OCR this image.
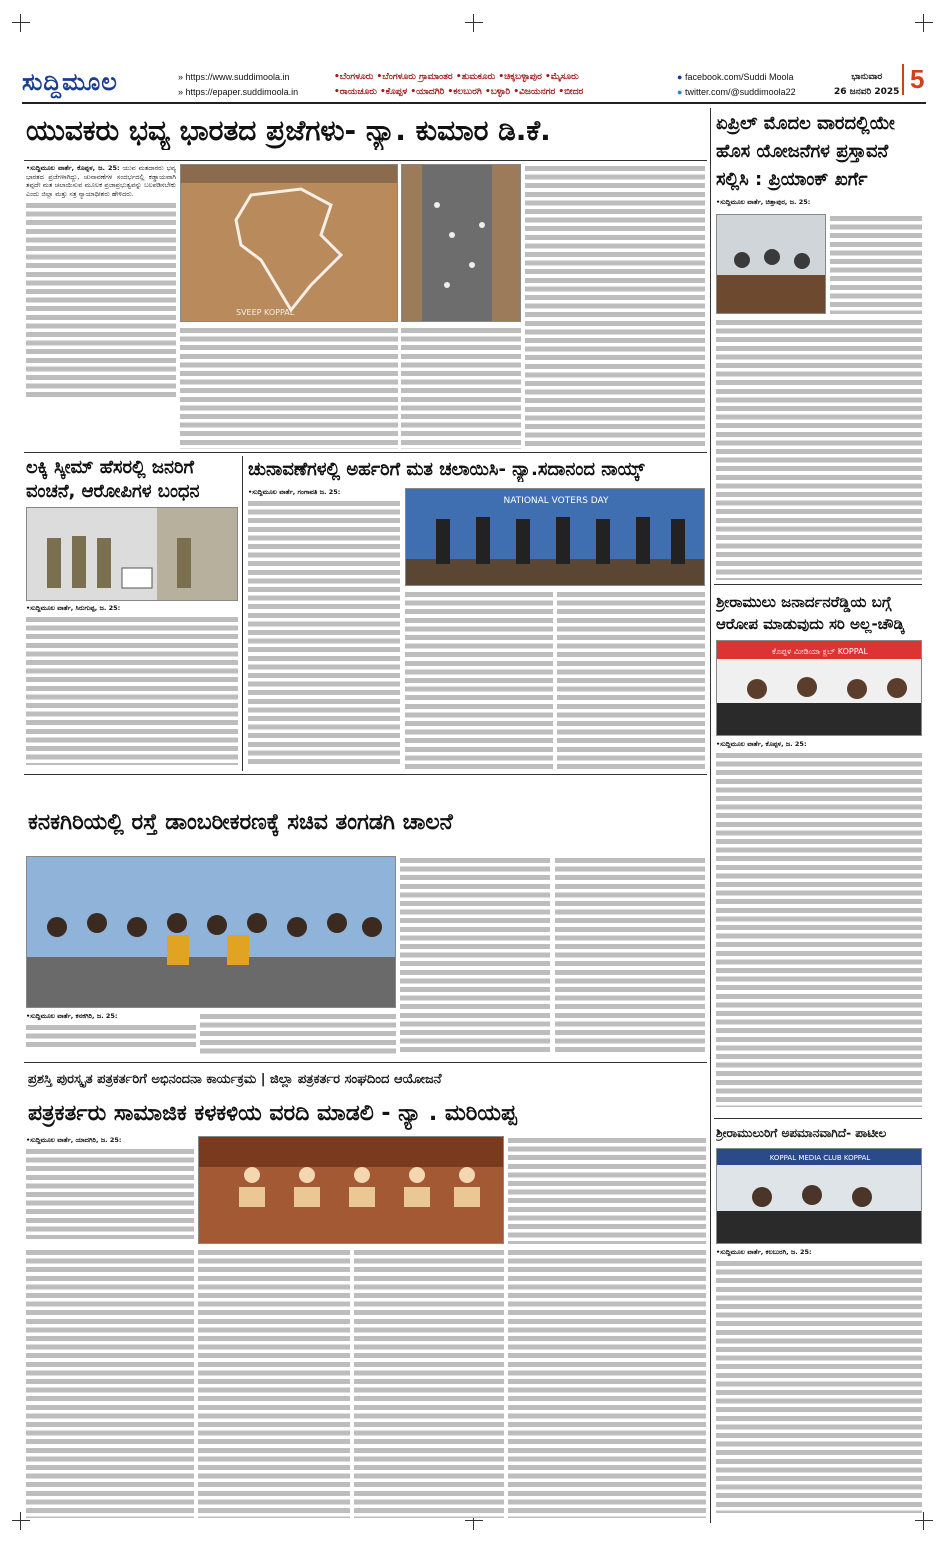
ಸುದ್ದಿಮೂಲ	» https://www.suddimoola.in
» https://epaper.suddimoola.in
•ಬೆಂಗಳೂರು •ಬೆಂಗಳೂರು ಗ್ರಾಮಾಂತರ •ತುಮಕೂರು •ಚಿಕ್ಕಬಳ್ಳಾಪುರ •ಮೈಸೂರು
•ರಾಯಚೂರು •ಕೊಪ್ಪಳ •ಯಾದಗಿರಿ •ಕಲಬುರಗಿ •ಬಳ್ಳಾರಿ •ವಿಜಯನಗರ •ಬೀದರ
● facebook.com/Suddi Moola
● twitter.com/@suddimoola22
ಭಾನುವಾರ
26 ಜನವರಿ 2025 5
ಯುವಕರು ಭವ್ಯ ಭಾರತದ ಪ್ರಜೆಗಳು- ನ್ಯಾ. ಕುಮಾರ ಡಿ.ಕೆ.
•ಸುದ್ದಿಮೂಲ ವಾರ್ತೆ, ಕೊಪ್ಪಳ, ಜ. 25: ಯುವ ಮತದಾರರು ಭವ್ಯ ಭಾರತದ ಪ್ರಜೆಗಳಾಗಿದ್ದು, ಚುನಾವಣೆಗಳ ಸಂದರ್ಭದಲ್ಲಿ ಕಡ್ಡಾಯವಾಗಿ ತಪ್ಪದೇ ಮತ ಚಲಾಯಿಸುವ ಮೂಲಕ ಪ್ರಜಾಪ್ರಭುತ್ವವನ್ನು ಬಲಪಡಿಸಬೇಕು ಎಂದು ಜಿಲ್ಲಾ ಮತ್ತು ಸತ್ರ ನ್ಯಾಯಾಧೀಶರು ಹೇಳಿದರು.
SVEEP KOPPAL
ಏಪ್ರಿಲ್ ಮೊದಲ ವಾರದಲ್ಲಿಯೇ
ಹೊಸ ಯೋಜನೆಗಳ ಪ್ರಸ್ತಾವನೆ
ಸಲ್ಲಿಸಿ : ಪ್ರಿಯಾಂಕ್ ಖರ್ಗೆ
•ಸುದ್ದಿಮೂಲ ವಾರ್ತೆ, ಚಿತ್ತಾಪುರ, ಜ. 25:
ಲಕ್ಕಿ ಸ್ಕೀಮ್ ಹೆಸರಲ್ಲಿ ಜನರಿಗೆ
ವಂಚನೆ, ಆರೋಪಿಗಳ ಬಂಧನ
•ಸುದ್ದಿಮೂಲ ವಾರ್ತೆ, ಸಿರುಗುಪ್ಪ, ಜ. 25:
ಚುನಾವಣೆಗಳಲ್ಲಿ ಅರ್ಹರಿಗೆ ಮತ ಚಲಾಯಿಸಿ- ನ್ಯಾ.ಸದಾನಂದ ನಾಯ್ಕ್
•ಸುದ್ದಿಮೂಲ ವಾರ್ತೆ, ಗಂಗಾವತಿ ಜ. 25:
NATIONAL VOTERS DAY
ಶ್ರೀರಾಮುಲು ಜನಾರ್ದನರೆಡ್ಡಿಯ ಬಗ್ಗೆ
ಆರೋಪ ಮಾಡುವುದು ಸರಿ ಅಲ್ಲ-ಚೌಡ್ಕಿ
ಕೊಪ್ಪಳ ಮೀಡಿಯಾ ಕ್ಲಬ್ KOPPAL
•ಸುದ್ದಿಮೂಲ ವಾರ್ತೆ, ಕೊಪ್ಪಳ, ಜ. 25:
ಕನಕಗಿರಿಯಲ್ಲಿ ರಸ್ತೆ ಡಾಂಬರೀಕರಣಕ್ಕೆ ಸಚಿವ ತಂಗಡಗಿ ಚಾಲನೆ
•ಸುದ್ದಿಮೂಲ ವಾರ್ತೆ, ಕನಕಗಿರಿ, ಜ. 25:
ಪ್ರಶಸ್ತಿ ಪುರಸ್ಕೃತ ಪತ್ರಕರ್ತರಿಗೆ ಅಭಿನಂದನಾ ಕಾರ್ಯಕ್ರಮ | ಜಿಲ್ಲಾ ಪತ್ರಕರ್ತರ ಸಂಘದಿಂದ ಆಯೋಜನೆ
ಪತ್ರಕರ್ತರು ಸಾಮಾಜಿಕ ಕಳಕಳಿಯ ವರದಿ ಮಾಡಲಿ - ನ್ಯಾ . ಮರಿಯಪ್ಪ
•ಸುದ್ದಿಮೂಲ ವಾರ್ತೆ, ಯಾದಗಿರಿ, ಜ. 25:	ಶ್ರೀರಾಮುಲುರಿಗೆ ಅಪಮಾನವಾಗಿದೆ- ಪಾಟೀಲ
KOPPAL MEDIA CLUB KOPPAL
•ಸುದ್ದಿಮೂಲ ವಾರ್ತೆ, ಕಲಬುರಗಿ, ಜ. 25:
